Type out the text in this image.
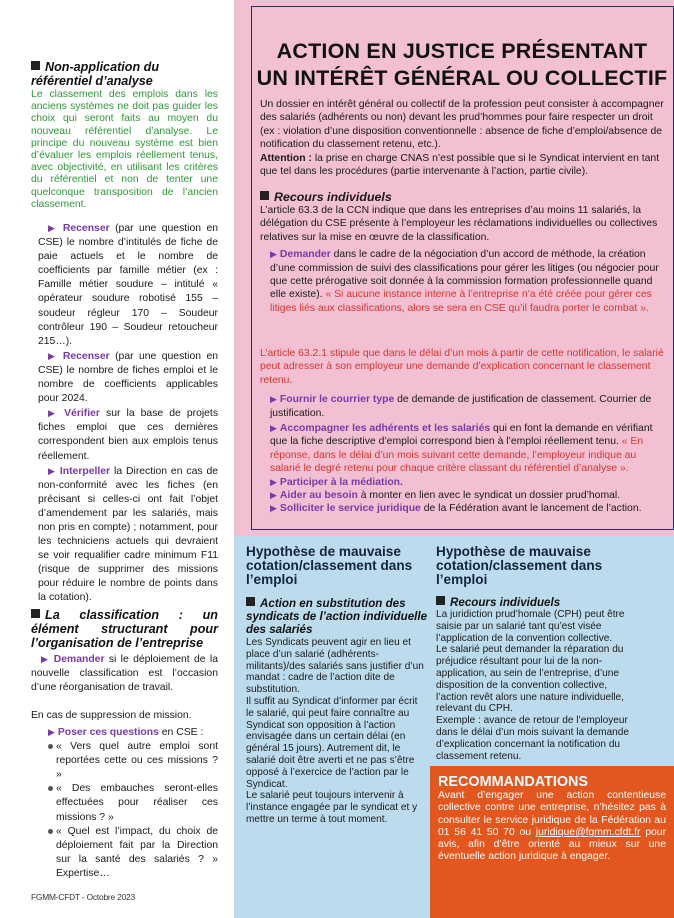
Non-application du référentiel d’analyse

Le classement des emplois dans les anciens systèmes ne doit pas guider les choix qui seront faits au moyen du nouveau référentiel d’analyse. Le principe du nouveau système est bien d’évaluer les emplois réellement tenus, avec objectivité, en utilisant les critères du référentiel et non de tenter une quelconque transposition de l’ancien classement.

▶ Recenser (par une question en CSE) le nombre d’intitulés de fiche de paie actuels et le nombre de coefficients par famille métier (ex : Famille métier soudure – intitulé « opérateur soudure robotisé 155 – soudeur régleur 170 – Soudeur contrôleur 190 – Soudeur retoucheur 215…).

▶ Recenser (par une question en CSE) le nombre de fiches emploi et le nombre de coefficients applicables pour 2024.

▶ Vérifier sur la base de projets fiches emploi que ces dernières correspondent bien aux emplois tenus réellement.

▶ Interpeller la Direction en cas de non-conformité avec les fiches (en précisant si celles-ci ont fait l’objet d’amendement par les salariés, mais non pris en compte) ; notamment, pour les techniciens actuels qui devraient se voir requalifier cadre minimum F11 (risque de supprimer des missions pour réduire le nombre de points dans la cotation).

La classification : un élément structurant pour l’organisation de l’entreprise

▶ Demander si le déploiement de la nouvelle classification est l’occasion d’une réorganisation de travail.

En cas de suppression de mission.

▶ Poser ces questions en CSE :

« Vers quel autre emploi sont reportées cette ou ces missions ? »
« Des embauches seront-elles effectuées pour réaliser ces missions ? »
« Quel est l’impact, du choix de déploiement fait par la Direction sur la santé des salariés ? » Expertise…

FGMM-CFDT - Octobre 2023

ACTION EN JUSTICE PRÉSENTANT

UN INTÉRÊT GÉNÉRAL OU COLLECTIF

Un dossier en intérêt général ou collectif de la profession peut consister à accompagner des salariés (adhérents ou non) devant les prud’hommes pour faire respecter un droit (ex : violation d’une disposition conventionnelle : absence de fiche d’emploi/absence de notification du classement retenu, etc.).

Attention : la prise en charge CNAS n’est possible que si le Syndicat intervient en tant que tel dans les procédures (partie intervenante à l’action, partie civile).

Recours individuels

L’article 63.3 de la CCN indique que dans les entreprises d’au moins 11 salariés, la délégation du CSE présente à l’employeur les réclamations individuelles ou collectives relatives sur la mise en œuvre de la classification.

▶ Demander dans le cadre de la négociation d’un accord de méthode, la création d’une commission de suivi des classifications pour gérer les litiges (ou négocier pour que cette prérogative soit donnée à la commission formation professionnelle quand elle existe). « Si aucune instance interne à l’entreprise n’a été créée pour gérer ces litiges liés aux classifications, alors se sera en CSE qu’il faudra porter le combat ».

L’article 63.2.1 stipule que dans le délai d’un mois à partir de cette notification, le salarié peut adresser à son employeur une demande d’explication concernant le classement retenu.

▶ Fournir le courrier type de demande de justification de classement. Courrier de justification.

▶ Accompagner les adhérents et les salariés qui en font la demande en vérifiant que la fiche descriptive d’emploi correspond bien à l’emploi réellement tenu. « En réponse, dans le délai d’un mois suivant cette demande, l’employeur indique au salarié le degré retenu pour chaque critère classant du référentiel d’analyse ».

▶ Participer à la médiation.

▶ Aider au besoin à monter en lien avec le syndicat un dossier prud’homal.

▶ Solliciter le service juridique de la Fédération avant le lancement de l’action.

Hypothèse de mauvaise cotation/classement dans l’emploi

Action en substitution des syndicats de l’action individuelle des salariés

Les Syndicats peuvent agir en lieu et place d’un salarié (adhérents-militants)/des salariés sans justifier d’un mandat : cadre de l’action dite de substitution.

Il suffit au Syndicat d’informer par écrit le salarié, qui peut faire connaître au Syndicat son opposition à l’action envisagée dans un certain délai (en général 15 jours). Autrement dit, le salarié doit être averti et ne pas s’être opposé à l’exercice de l’action par le Syndicat.

Le salarié peut toujours intervenir à l’instance engagée par le syndicat et y mettre un terme à tout moment.

Hypothèse de mauvaise cotation/classement dans l’emploi

Recours individuels

La juridiction prud’homale (CPH) peut être saisie par un salarié tant qu’est visée l’application de la convention collective.

Le salarié peut demander la réparation du préjudice résultant pour lui de la non-application, au sein de l’entreprise, d’une disposition de la convention collective, l’action revêt alors une nature individuelle, relevant du CPH.

Exemple : avance de retour de l’employeur dans le délai d’un mois suivant la demande d’explication concernant la notification du classement retenu.

RECOMMANDATIONS

Avant d’engager une action contentieuse collective contre une entreprise, n’hésitez pas à consulter le service juridique de la Fédération au 01 56 41 50 70 ou juridique@fgmm.cfdt.fr pour avis, afin d’être orienté au mieux sur une éventuelle action juridique à engager.
